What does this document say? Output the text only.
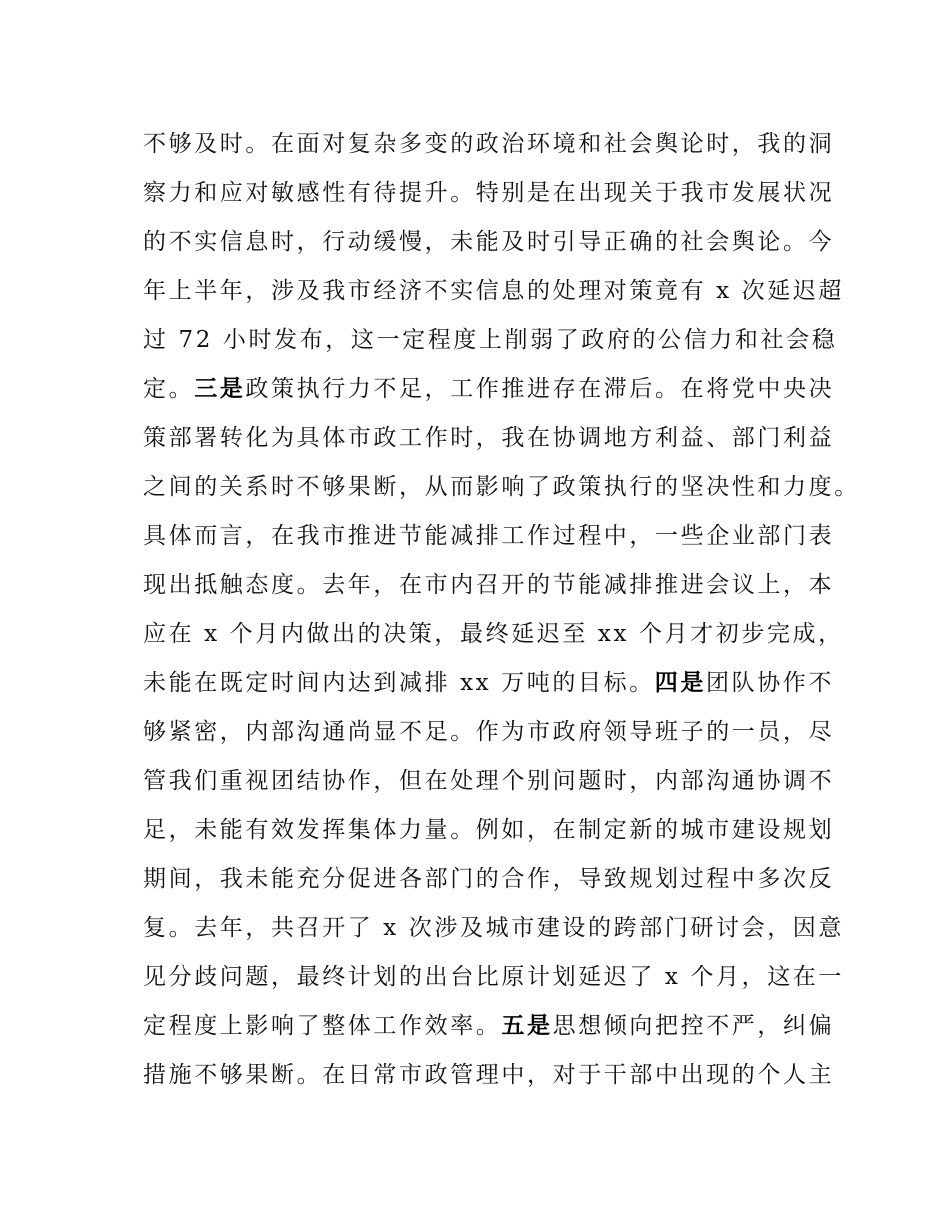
不够及时。在面对复杂多变的政治环境和社会舆论时，我的洞
察力和应对敏感性有待提升。特别是在出现关于我市发展状况
的不实信息时，行动缓慢，未能及时引导正确的社会舆论。今
年上半年，涉及我市经济不实信息的处理对策竟有 x 次延迟超
过 72 小时发布，这一定程度上削弱了政府的公信力和社会稳
定。三是政策执行力不足，工作推进存在滞后。在将党中央决
策部署转化为具体市政工作时，我在协调地方利益、部门利益
之间的关系时不够果断，从而影响了政策执行的坚决性和力度。
具体而言，在我市推进节能减排工作过程中，一些企业部门表
现出抵触态度。去年，在市内召开的节能减排推进会议上，本
应在 x 个月内做出的决策，最终延迟至 xx 个月才初步完成，
未能在既定时间内达到减排 xx 万吨的目标。四是团队协作不
够紧密，内部沟通尚显不足。作为市政府领导班子的一员，尽
管我们重视团结协作，但在处理个别问题时，内部沟通协调不
足，未能有效发挥集体力量。例如，在制定新的城市建设规划
期间，我未能充分促进各部门的合作，导致规划过程中多次反
复。去年，共召开了 x 次涉及城市建设的跨部门研讨会，因意
见分歧问题，最终计划的出台比原计划延迟了 x 个月，这在一
定程度上影响了整体工作效率。五是思想倾向把控不严，纠偏
措施不够果断。在日常市政管理中，对于干部中出现的个人主
